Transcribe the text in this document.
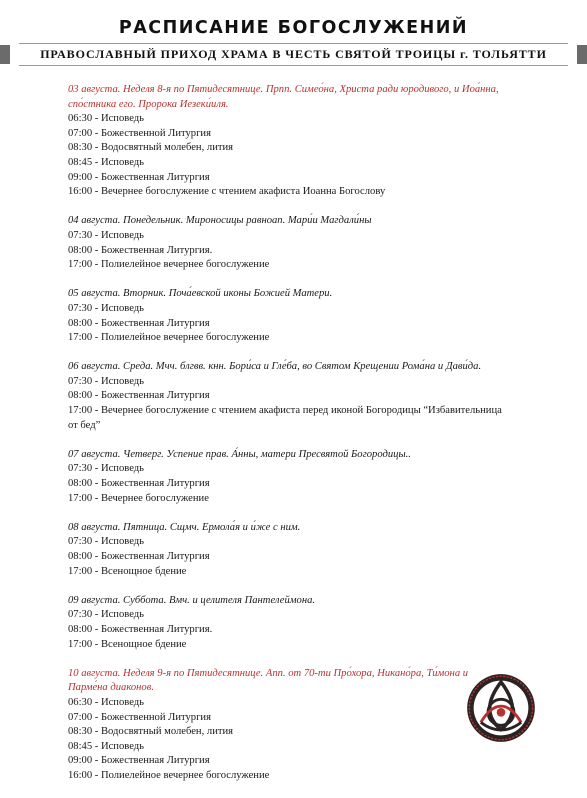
РАСПИСАНИЕ БОГОСЛУЖЕНИЙ
ПРАВОСЛАВНЫЙ ПРИХОД ХРАМА В ЧЕСТЬ СВЯТОЙ ТРОИЦЫ г. ТОЛЬЯТТИ
03 августа. Неделя 8-я по Пятидесятнице. Прпп. Симео́на, Христа ради юродивого, и Иоа́нна, спо́стника его. Пророка Иезеки́иля.
06:30 - Исповедь
07:00 - Божественной Литургия
08:30 - Водосвятный молебен, лития
08:45 - Исповедь
09:00 - Божественная Литургия
16:00 - Вечернее богослужение с чтением акафиста Иоанна Богослову
04 августа. Понедельник. Мироносицы равноап. Мари́и Магдали́ны
07:30 - Исповедь
08:00 - Божественная Литургия.
17:00 - Полиелейное вечернее богослужение
05 августа. Вторник. Поча́евской иконы Божией Матери.
07:30 - Исповедь
08:00 - Божественная Литургия
17:00 - Полиелейное вечернее богослужение
06 августа. Среда. Мчч. блгвв. кнн. Бори́са и Гле́ба, во Святом Крещении Рома́на и Дави́да.
07:30 - Исповедь
08:00 - Божественная Литургия
17:00 - Вечернее богослужение с чтением акафиста перед иконой Богородицы “Избавительница от бед”
07 августа. Четверг. Успение прав. А́нны, матери Пресвятой Богородицы..
07:30 - Исповедь
08:00 - Божественная Литургия
17:00 - Вечернее богослужение
08 августа. Пятница. Сщмч. Ермола́я и и́же с ним.
07:30 - Исповедь
08:00 - Божественная Литургия
17:00 - Всенощное бдение
09 августа. Суббота. Вмч. и целителя Пантелеймона.
07:30 - Исповедь
08:00 - Божественная Литургия.
17:00 - Всенощное бдение
10 августа. Неделя 9-я по Пятидесятнице. Апп. от 70-ти Про́хора, Никано́ра, Ти́мона и Парме́на диаконов.
06:30 - Исповедь
07:00 - Божественной Литургия
08:30 - Водосвятный молебен, лития
08:45 - Исповедь
09:00 - Божественная Литургия
16:00 - Полиелейное вечернее богослужение
